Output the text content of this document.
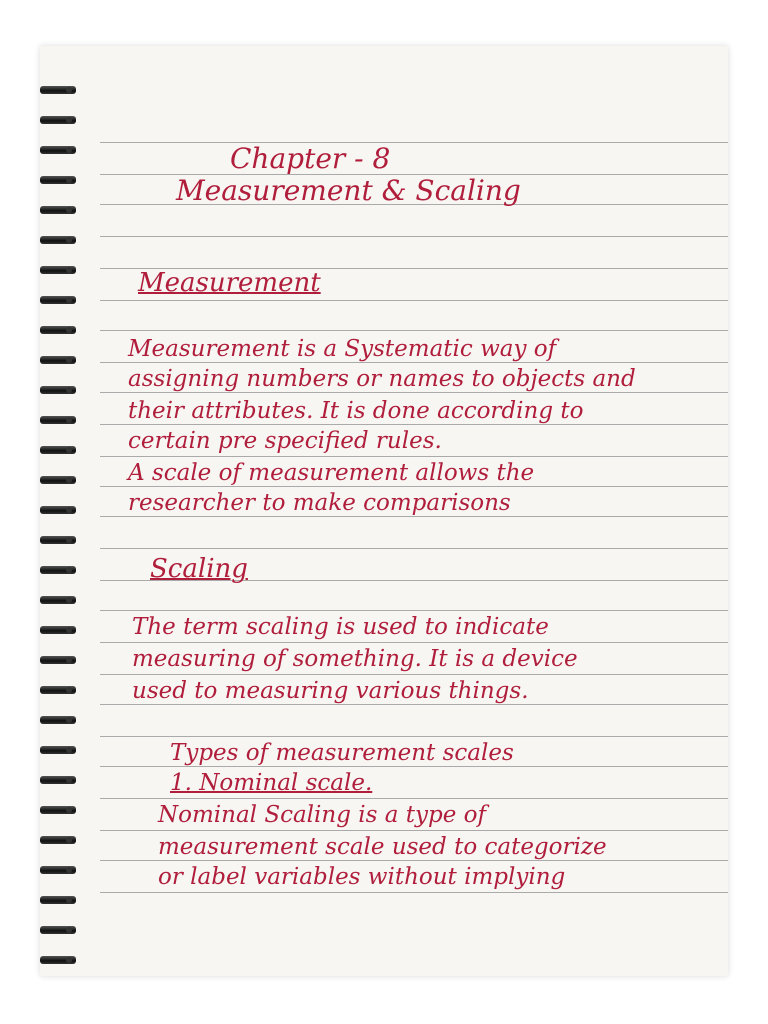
Chapter - 8
Measurement & Scaling
Measurement
Measurement is a Systematic way of
assigning numbers or names to objects and
their attributes. It is done according to
certain pre specified rules.
A scale of measurement allows the
researcher to make comparisons
Scaling
The term scaling is used to indicate
measuring of something. It is a device
used to measuring various things.
Types of measurement scales
1. Nominal scale.
Nominal Scaling is a type of
measurement scale used to categorize
or label variables without implying
